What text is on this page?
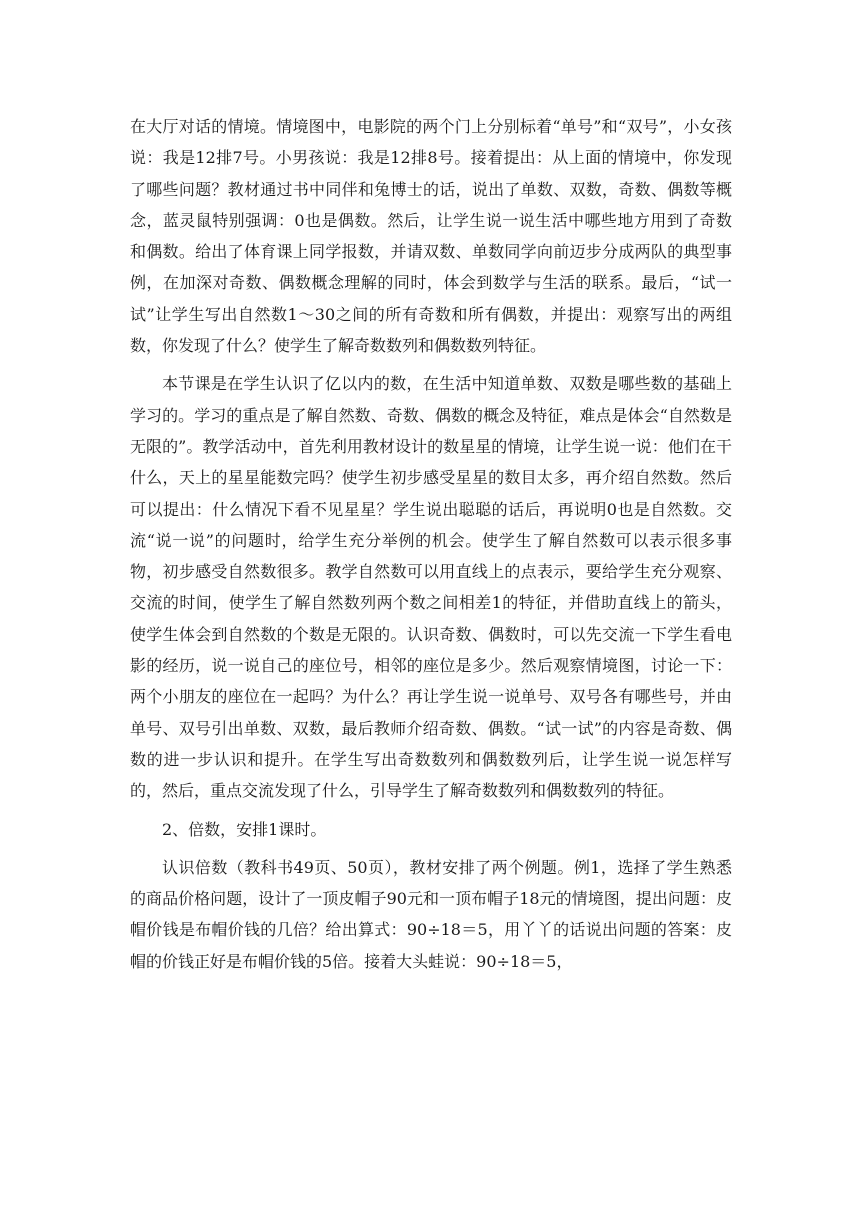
在大厅对话的情境。情境图中，电影院的两个门上分别标着“单号”和“双号”，小女孩说：我是12排7号。小男孩说：我是12排8号。接着提出：从上面的情境中，你发现了哪些问题？教材通过书中同伴和兔博士的话，说出了单数、双数，奇数、偶数等概念，蓝灵鼠特别强调：0也是偶数。然后，让学生说一说生活中哪些地方用到了奇数和偶数。给出了体育课上同学报数，并请双数、单数同学向前迈步分成两队的典型事例，在加深对奇数、偶数概念理解的同时，体会到数学与生活的联系。最后，“试一试”让学生写出自然数1～30之间的所有奇数和所有偶数，并提出：观察写出的两组数，你发现了什么？使学生了解奇数数列和偶数数列特征。

本节课是在学生认识了亿以内的数，在生活中知道单数、双数是哪些数的基础上学习的。学习的重点是了解自然数、奇数、偶数的概念及特征，难点是体会“自然数是无限的”。教学活动中，首先利用教材设计的数星星的情境，让学生说一说：他们在干什么，天上的星星能数完吗？使学生初步感受星星的数目太多，再介绍自然数。然后可以提出：什么情况下看不见星星？学生说出聪聪的话后，再说明0也是自然数。交流“说一说”的问题时，给学生充分举例的机会。使学生了解自然数可以表示很多事物，初步感受自然数很多。教学自然数可以用直线上的点表示，要给学生充分观察、交流的时间，使学生了解自然数列两个数之间相差1的特征，并借助直线上的箭头，使学生体会到自然数的个数是无限的。认识奇数、偶数时，可以先交流一下学生看电影的经历，说一说自己的座位号，相邻的座位是多少。然后观察情境图，讨论一下：两个小朋友的座位在一起吗？为什么？再让学生说一说单号、双号各有哪些号，并由单号、双号引出单数、双数，最后教师介绍奇数、偶数。“试一试”的内容是奇数、偶数的进一步认识和提升。在学生写出奇数数列和偶数数列后，让学生说一说怎样写的，然后，重点交流发现了什么，引导学生了解奇数数列和偶数数列的特征。

2、倍数，安排1课时。

认识倍数（教科书49页、50页），教材安排了两个例题。例1，选择了学生熟悉的商品价格问题，设计了一顶皮帽子90元和一顶布帽子18元的情境图，提出问题：皮帽价钱是布帽价钱的几倍？给出算式：90÷18＝5，用丫丫的话说出问题的答案：皮帽的价钱正好是布帽价钱的5倍。接着大头蛙说：90÷18＝5，
